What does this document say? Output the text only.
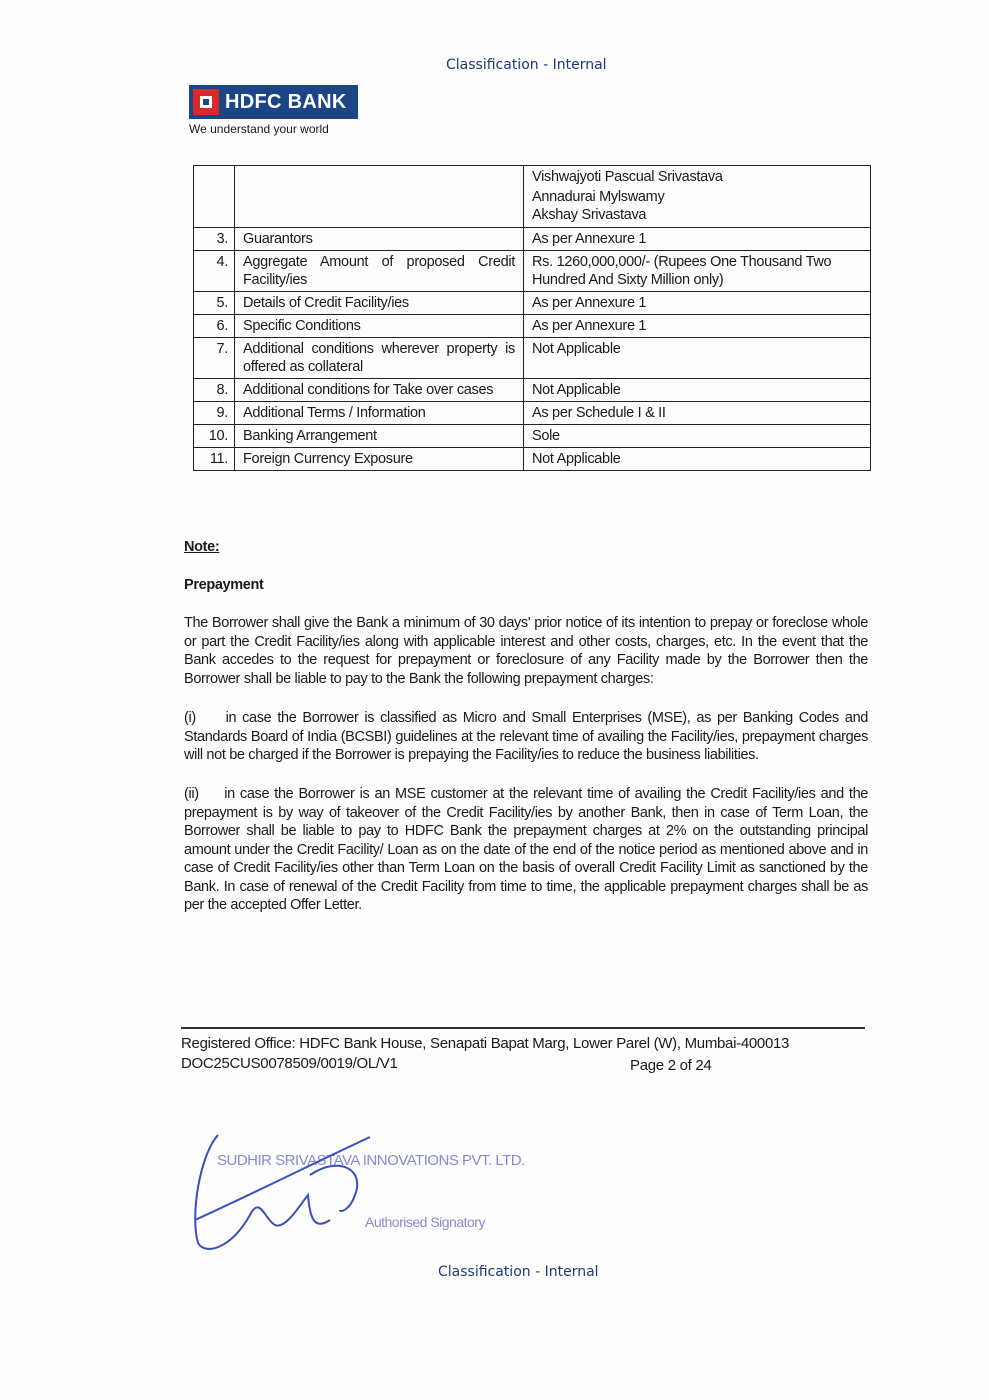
Classification - Internal
HDFC BANK
We understand your world

		Vishwajyoti Pascual Srivastava
Annadurai Mylswamy
Akshay Srivastava

3.	Guarantors	As per Annexure 1
4.	Aggregate Amount of proposed Credit Facility/ies	Rs. 1260,000,000/- (Rupees One Thousand Two Hundred And Sixty Million only)
5.	Details of Credit Facility/ies	As per Annexure 1
6.	Specific Conditions	As per Annexure 1
7.	Additional conditions wherever property is offered as collateral	Not Applicable
8.	Additional conditions for Take over cases	Not Applicable
9.	Additional Terms / Information	As per Schedule I & II
10.	Banking Arrangement	Sole
11.	Foreign Currency Exposure	Not Applicable
Note:
Prepayment
The Borrower shall give the Bank a minimum of 30 days' prior notice of its intention to prepay or foreclose whole or part the Credit Facility/ies along with applicable interest and other costs, charges, etc. In the event that the Bank accedes to the request for prepayment or foreclosure of any Facility made by the Borrower then the Borrower shall be liable to pay to the Bank the following prepayment charges:
(i)     in case the Borrower is classified as Micro and Small Enterprises (MSE), as per Banking Codes and Standards Board of India (BCSBI) guidelines at the relevant time of availing the Facility/ies, prepayment charges will not be charged if the Borrower is prepaying the Facility/ies to reduce the business liabilities.
(ii)     in case the Borrower is an MSE customer at the relevant time of availing the Credit Facility/ies and the prepayment is by way of takeover of the Credit Facility/ies by another Bank, then in case of Term Loan, the Borrower shall be liable to pay to HDFC Bank the prepayment charges at 2% on the outstanding principal amount under the Credit Facility/ Loan as on the date of the end of the notice period as mentioned above and in case of Credit Facility/ies other than Term Loan on the basis of overall Credit Facility Limit as sanctioned by the Bank. In case of renewal of the Credit Facility from time to time, the applicable prepayment charges shall be as per the accepted Offer Letter.
Registered Office: HDFC Bank House, Senapati Bapat Marg, Lower Parel (W), Mumbai-400013
DOC25CUS0078509/0019/OL/V1	Page 2 of 24
SUDHIR SRIVASTAVA INNOVATIONS PVT. LTD.
Authorised Signatory
Classification - Internal
